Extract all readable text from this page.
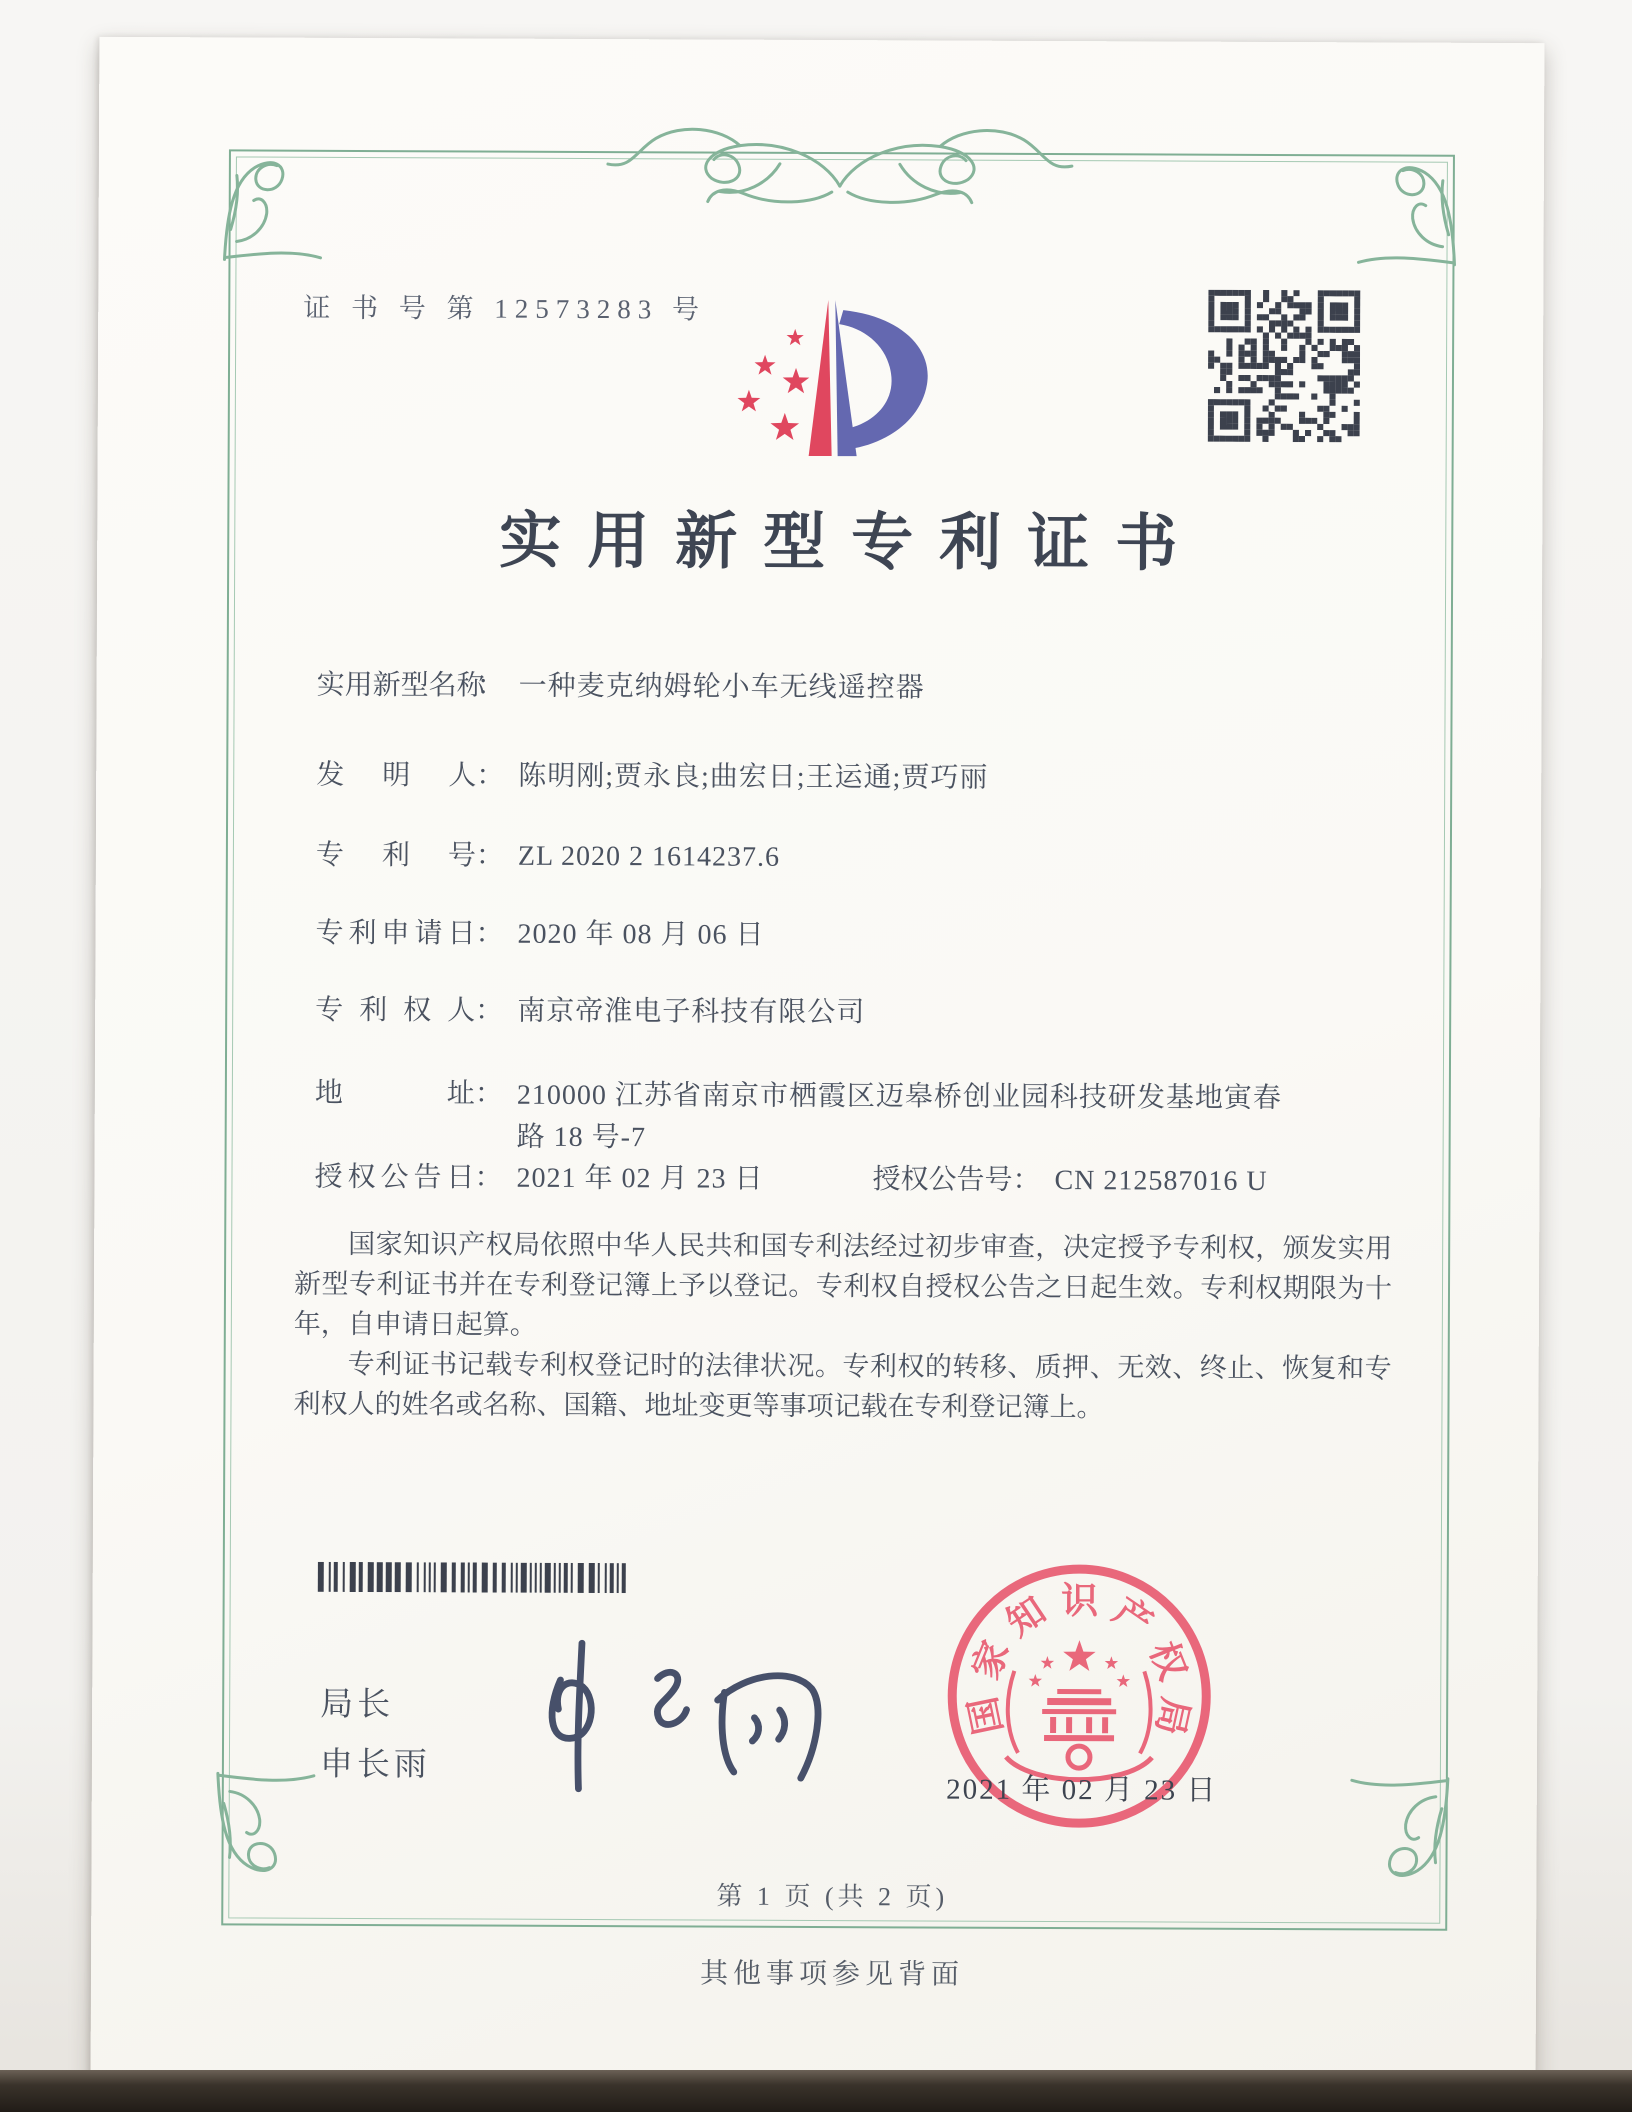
证 书 号 第 12573283 号
实用新型专利证书
实用新型名称： 一种麦克纳姆轮小车无线遥控器
发明人： 陈明刚;贾永良;曲宏日;王运通;贾巧丽
专利号： ZL 2020 2 1614237.6
专利申请日： 2020 年 08 月 06 日
专利权人： 南京帝淮电子科技有限公司
地址： 210000 江苏省南京市栖霞区迈皋桥创业园科技研发基地寅春路 18 号-7
授权公告日： 2021 年 02 月 23 日	授权公告号： CN 212587016 U

国家知识产权局依照中华人民共和国专利法经过初步审查，决定授予专利权，颁发实用新型专利证书并在专利登记簿上予以登记。专利权自授权公告之日起生效。专利权期限为十年，自申请日起算。

专利证书记载专利权登记时的法律状况。专利权的转移、质押、无效、终止、恢复和专利权人的姓名或名称、国籍、地址变更等事项记载在专利登记簿上。

局长
申长雨
国
家
知 识 产
权
局
2021 年 02 月 23 日
第 1 页 (共 2 页)
其他事项参见背面
